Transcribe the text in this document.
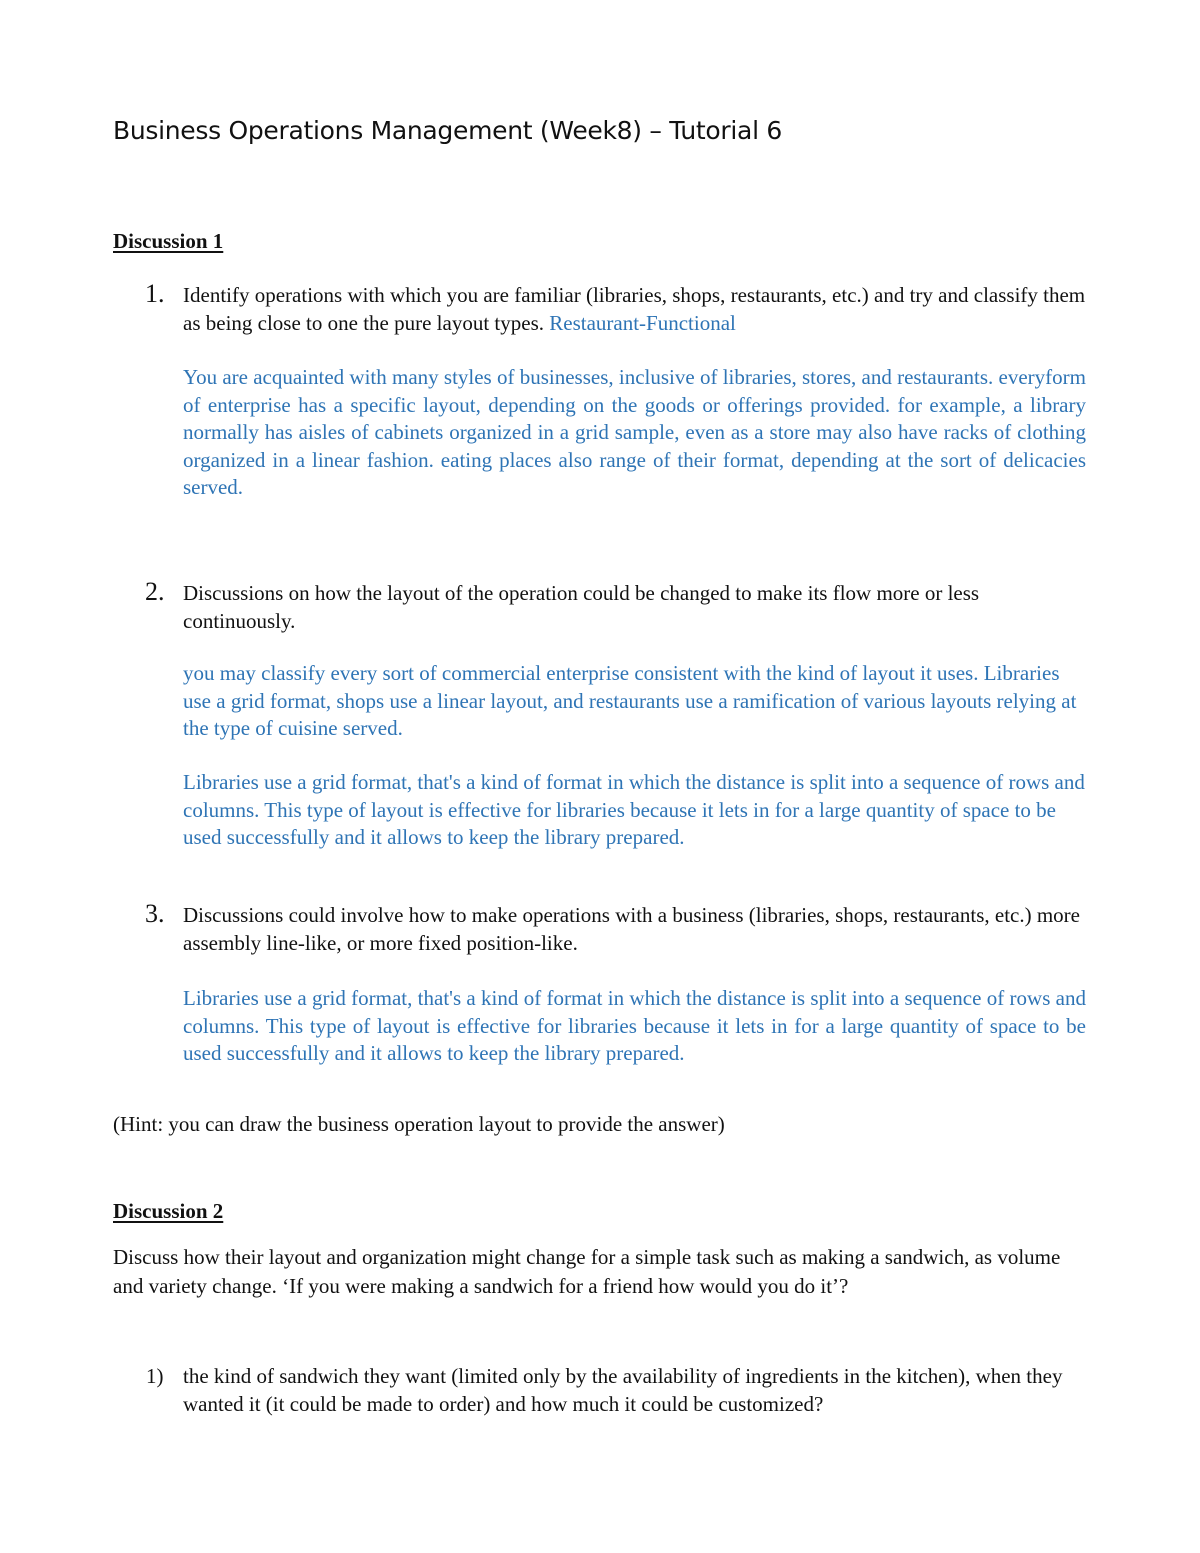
Business Operations Management (Week8) – Tutorial 6
Discussion 1
1. Identify operations with which you are familiar (libraries, shops, restaurants, etc.) and try and classify them as being close to one the pure layout types. Restaurant-Functional

You are acquainted with many styles of businesses, inclusive of libraries, stores, and restaurants. everyform of enterprise has a specific layout, depending on the goods or offerings provided. for example, a library normally has aisles of cabinets organized in a grid sample, even as a store may also have racks of clothing organized in a linear fashion. eating places also range of their format, depending at the sort of delicacies served.

2. Discussions on how the layout of the operation could be changed to make its flow more or less continuously.

you may classify every sort of commercial enterprise consistent with the kind of layout it uses. Libraries use a grid format, shops use a linear layout, and restaurants use a ramification of various layouts relying at the type of cuisine served.

Libraries use a grid format, that's a kind of format in which the distance is split into a sequence of rows and columns. This type of layout is effective for libraries because it lets in for a large quantity of space to be used successfully and it allows to keep the library prepared.

3. Discussions could involve how to make operations with a business (libraries, shops, restaurants, etc.) more assembly line-like, or more fixed position-like.

Libraries use a grid format, that's a kind of format in which the distance is split into a sequence of rows and columns. This type of layout is effective for libraries because it lets in for a large quantity of space to be used successfully and it allows to keep the library prepared.

(Hint: you can draw the business operation layout to provide the answer)

Discussion 2

Discuss how their layout and organization might change for a simple task such as making a sandwich, as volume and variety change. ‘If you were making a sandwich for a friend how would you do it’?

1) the kind of sandwich they want (limited only by the availability of ingredients in the kitchen), when they wanted it (it could be made to order) and how much it could be customized?
